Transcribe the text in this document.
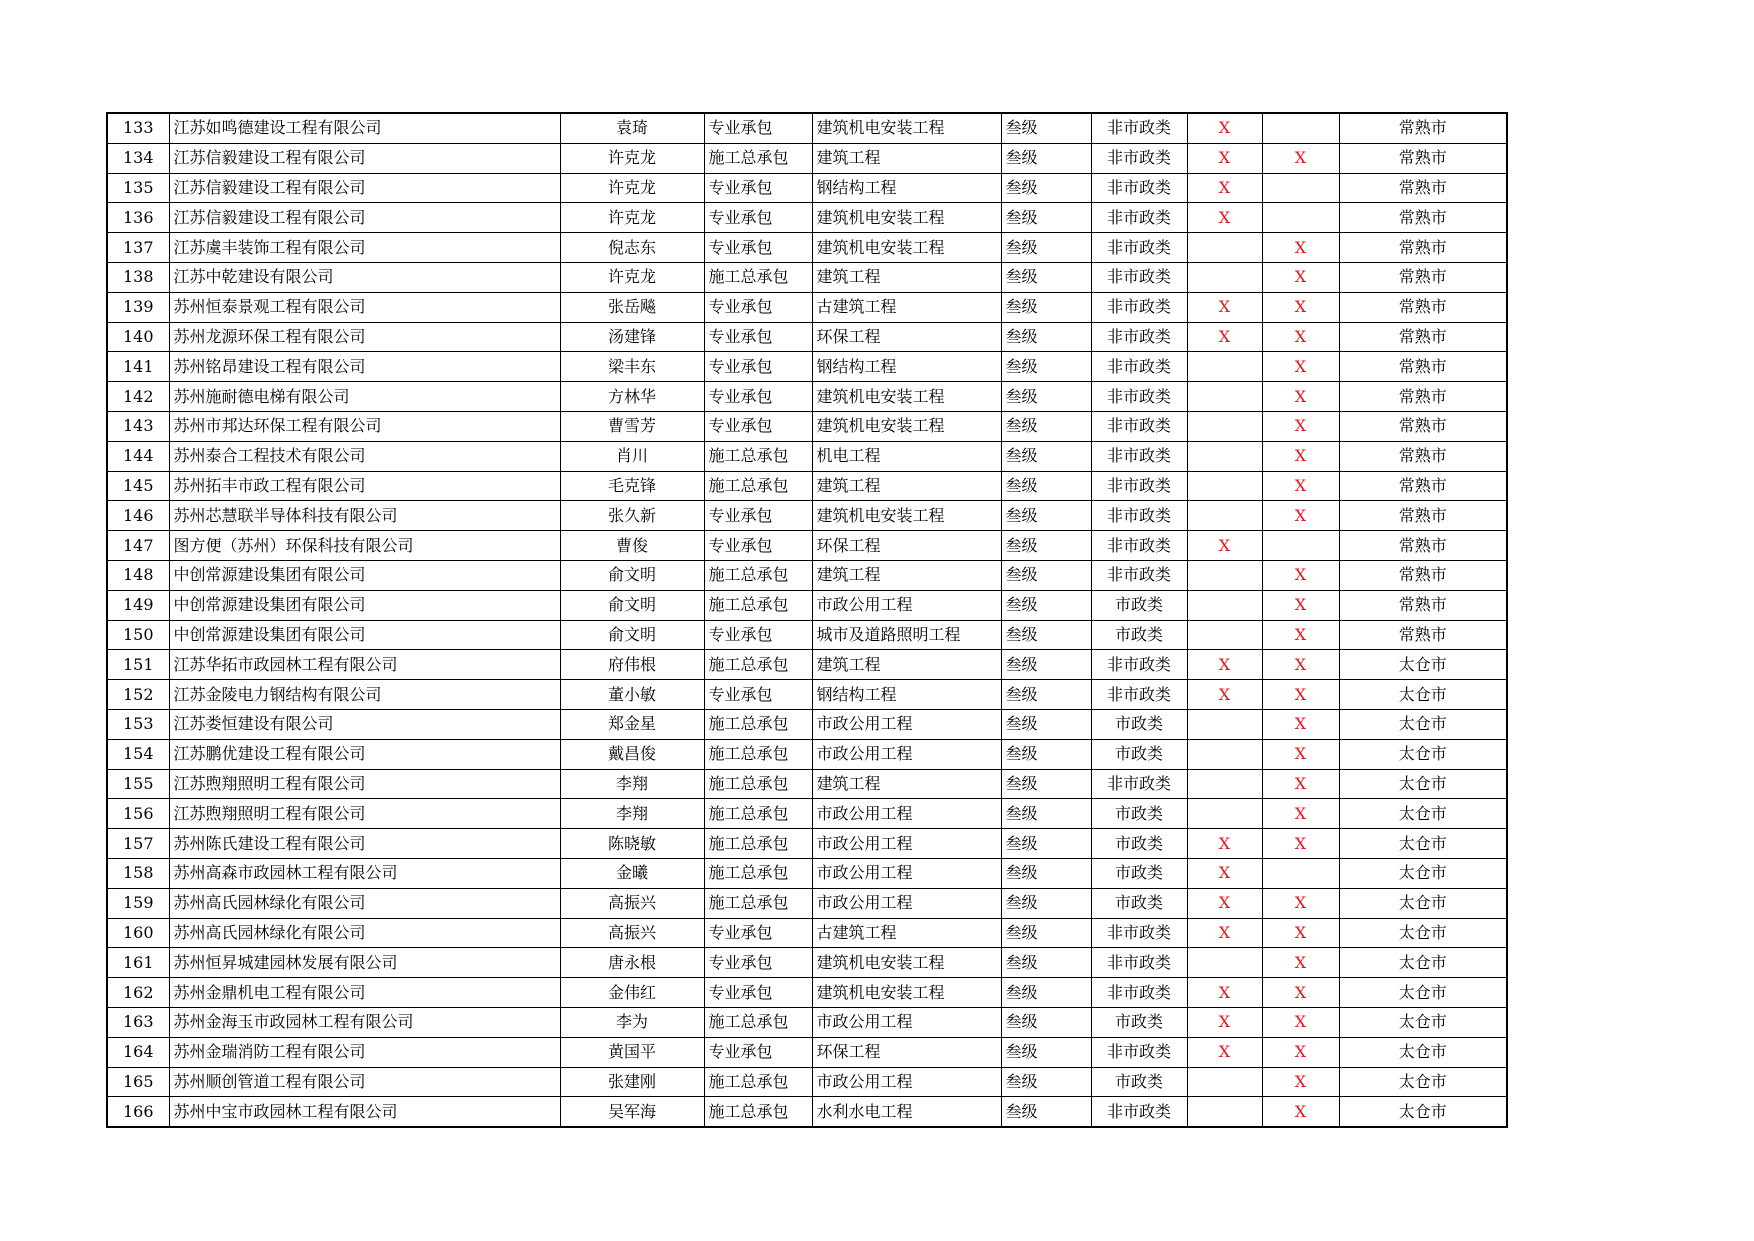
133	江苏如鸣德建设工程有限公司	袁琦	专业承包	建筑机电安装工程	叁级	非市政类	X		常熟市
134	江苏信毅建设工程有限公司	许克龙	施工总承包	建筑工程	叁级	非市政类	X	X	常熟市
135	江苏信毅建设工程有限公司	许克龙	专业承包	钢结构工程	叁级	非市政类	X		常熟市
136	江苏信毅建设工程有限公司	许克龙	专业承包	建筑机电安装工程	叁级	非市政类	X		常熟市
137	江苏虞丰装饰工程有限公司	倪志东	专业承包	建筑机电安装工程	叁级	非市政类		X	常熟市
138	江苏中乾建设有限公司	许克龙	施工总承包	建筑工程	叁级	非市政类		X	常熟市
139	苏州恒泰景观工程有限公司	张岳飚	专业承包	古建筑工程	叁级	非市政类	X	X	常熟市
140	苏州龙源环保工程有限公司	汤建锋	专业承包	环保工程	叁级	非市政类	X	X	常熟市
141	苏州铭昂建设工程有限公司	梁丰东	专业承包	钢结构工程	叁级	非市政类		X	常熟市
142	苏州施耐德电梯有限公司	方林华	专业承包	建筑机电安装工程	叁级	非市政类		X	常熟市
143	苏州市邦达环保工程有限公司	曹雪芳	专业承包	建筑机电安装工程	叁级	非市政类		X	常熟市
144	苏州泰合工程技术有限公司	肖川	施工总承包	机电工程	叁级	非市政类		X	常熟市
145	苏州拓丰市政工程有限公司	毛克锋	施工总承包	建筑工程	叁级	非市政类		X	常熟市
146	苏州芯慧联半导体科技有限公司	张久新	专业承包	建筑机电安装工程	叁级	非市政类		X	常熟市
147	图方便（苏州）环保科技有限公司	曹俊	专业承包	环保工程	叁级	非市政类	X		常熟市
148	中创常源建设集团有限公司	俞文明	施工总承包	建筑工程	叁级	非市政类		X	常熟市
149	中创常源建设集团有限公司	俞文明	施工总承包	市政公用工程	叁级	市政类		X	常熟市
150	中创常源建设集团有限公司	俞文明	专业承包	城市及道路照明工程	叁级	市政类		X	常熟市
151	江苏华拓市政园林工程有限公司	府伟根	施工总承包	建筑工程	叁级	非市政类	X	X	太仓市
152	江苏金陵电力钢结构有限公司	董小敏	专业承包	钢结构工程	叁级	非市政类	X	X	太仓市
153	江苏娄恒建设有限公司	郑金星	施工总承包	市政公用工程	叁级	市政类		X	太仓市
154	江苏鹏优建设工程有限公司	戴昌俊	施工总承包	市政公用工程	叁级	市政类		X	太仓市
155	江苏煦翔照明工程有限公司	李翔	施工总承包	建筑工程	叁级	非市政类		X	太仓市
156	江苏煦翔照明工程有限公司	李翔	施工总承包	市政公用工程	叁级	市政类		X	太仓市
157	苏州陈氏建设工程有限公司	陈晓敏	施工总承包	市政公用工程	叁级	市政类	X	X	太仓市
158	苏州高森市政园林工程有限公司	金曦	施工总承包	市政公用工程	叁级	市政类	X		太仓市
159	苏州高氏园林绿化有限公司	高振兴	施工总承包	市政公用工程	叁级	市政类	X	X	太仓市
160	苏州高氏园林绿化有限公司	高振兴	专业承包	古建筑工程	叁级	非市政类	X	X	太仓市
161	苏州恒昇城建园林发展有限公司	唐永根	专业承包	建筑机电安装工程	叁级	非市政类		X	太仓市
162	苏州金鼎机电工程有限公司	金伟红	专业承包	建筑机电安装工程	叁级	非市政类	X	X	太仓市
163	苏州金海玉市政园林工程有限公司	李为	施工总承包	市政公用工程	叁级	市政类	X	X	太仓市
164	苏州金瑞消防工程有限公司	黄国平	专业承包	环保工程	叁级	非市政类	X	X	太仓市
165	苏州顺创管道工程有限公司	张建刚	施工总承包	市政公用工程	叁级	市政类		X	太仓市
166	苏州中宝市政园林工程有限公司	吴军海	施工总承包	水利水电工程	叁级	非市政类		X	太仓市
